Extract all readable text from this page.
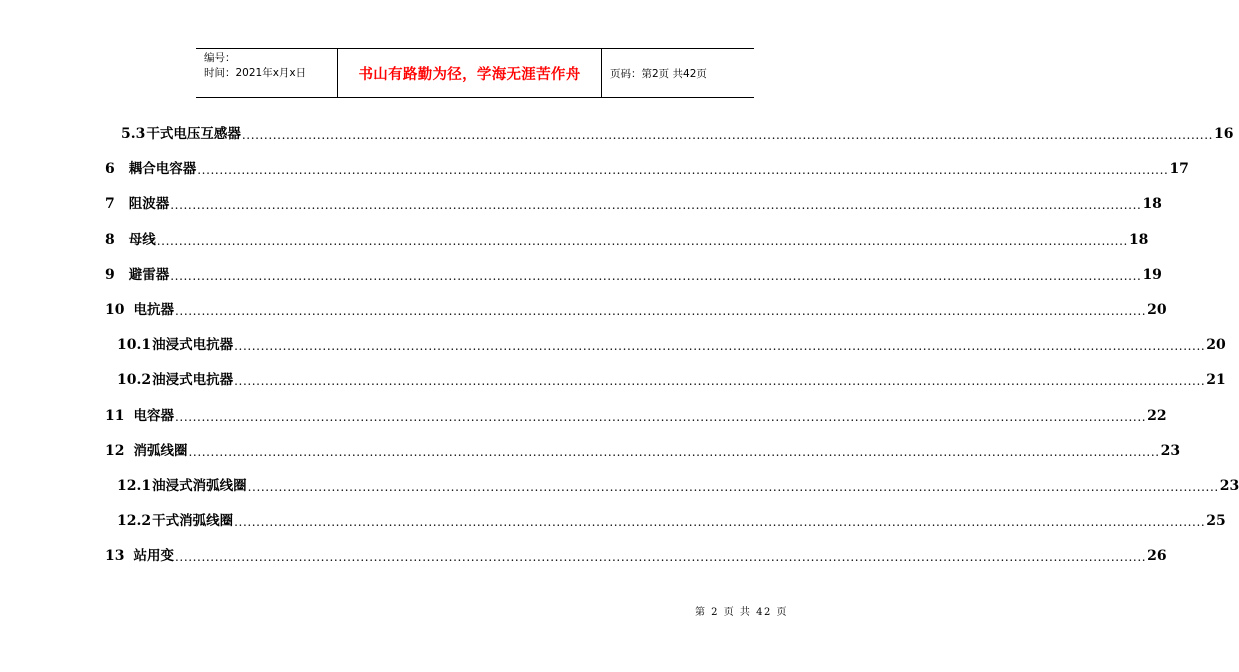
编号：
时间：2021年x月x日	书山有路勤为径，学海无涯苦作舟	页码：第2页 共42页
5.3 干式电压互感器 ............................................................................................................................................................................................................................ 16
6 耦合电容器 ............................................................................................................................................................................................................................ 17
7 阻波器 ............................................................................................................................................................................................................................ 18
8 母线 ............................................................................................................................................................................................................................ 18
9 避雷器 ............................................................................................................................................................................................................................ 19
10 电抗器 ............................................................................................................................................................................................................................ 20
10.1 油浸式电抗器 ............................................................................................................................................................................................................................ 20
10.2 油浸式电抗器 ............................................................................................................................................................................................................................ 21
11 电容器 ............................................................................................................................................................................................................................ 22
12 消弧线圈 ............................................................................................................................................................................................................................ 23
12.1 油浸式消弧线圈 ............................................................................................................................................................................................................................ 23
12.2 干式消弧线圈 ............................................................................................................................................................................................................................ 25
13 站用变 ............................................................................................................................................................................................................................ 26
第 2 页 共 42 页
